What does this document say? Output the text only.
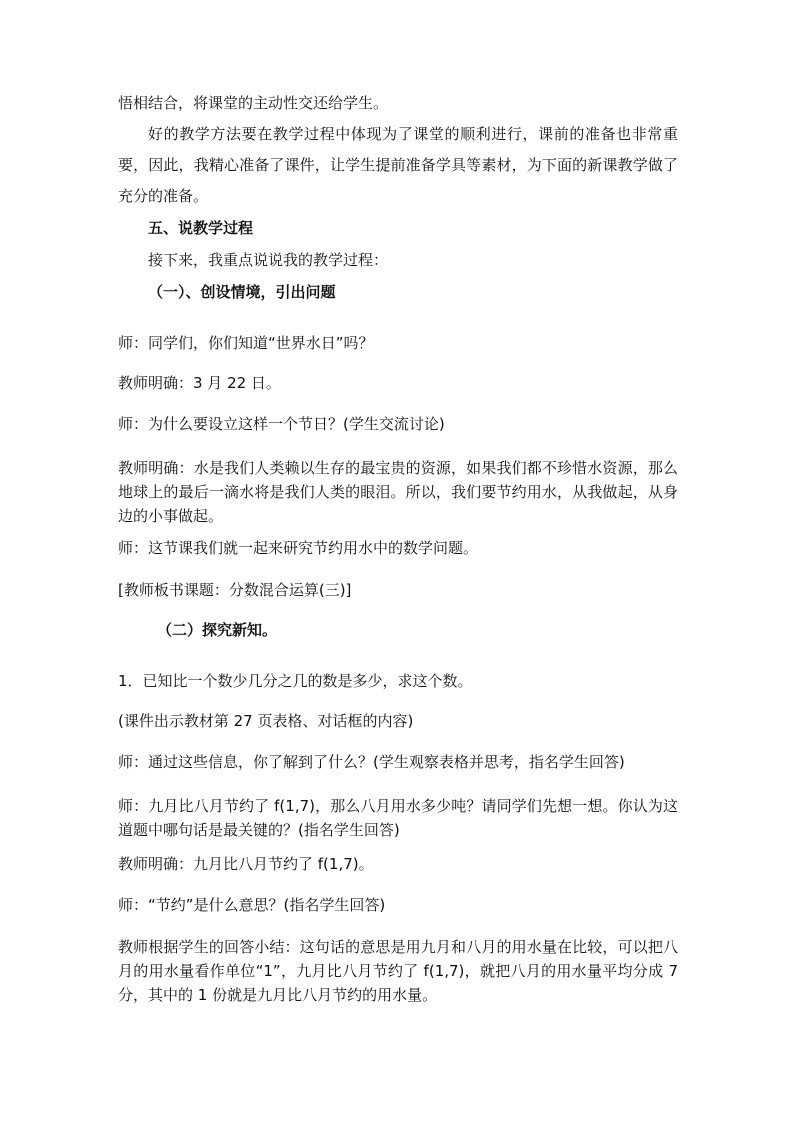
悟相结合，将课堂的主动性交还给学生。

好的教学方法要在教学过程中体现为了课堂的顺利进行，课前的准备也非常重要，因此，我精心准备了课件，让学生提前准备学具等素材，为下面的新课教学做了充分的准备。

五、说教学过程

接下来，我重点说说我的教学过程：

（一）、创设情境，引出问题

师：同学们，你们知道“世界水日”吗？

教师明确：3 月 22 日。

师：为什么要设立这样一个节日？(学生交流讨论)

教师明确：水是我们人类赖以生存的最宝贵的资源，如果我们都不珍惜水资源，那么地球上的最后一滴水将是我们人类的眼泪。所以，我们要节约用水，从我做起，从身边的小事做起。

师：这节课我们就一起来研究节约用水中的数学问题。

[教师板书课题：分数混合运算(三)]

（二）探究新知。

1．已知比一个数少几分之几的数是多少，求这个数。

(课件出示教材第 27 页表格、对话框的内容)

师：通过这些信息，你了解到了什么？(学生观察表格并思考，指名学生回答)

师：九月比八月节约了 f(1,7)，那么八月用水多少吨？请同学们先想一想。你认为这道题中哪句话是最关键的？(指名学生回答)

教师明确：九月比八月节约了 f(1,7)。

师：“节约”是什么意思？(指名学生回答)

教师根据学生的回答小结：这句话的意思是用九月和八月的用水量在比较，可以把八月的用水量看作单位“1”，九月比八月节约了 f(1,7)，就把八月的用水量平均分成 7 分，其中的 1 份就是九月比八月节约的用水量。
